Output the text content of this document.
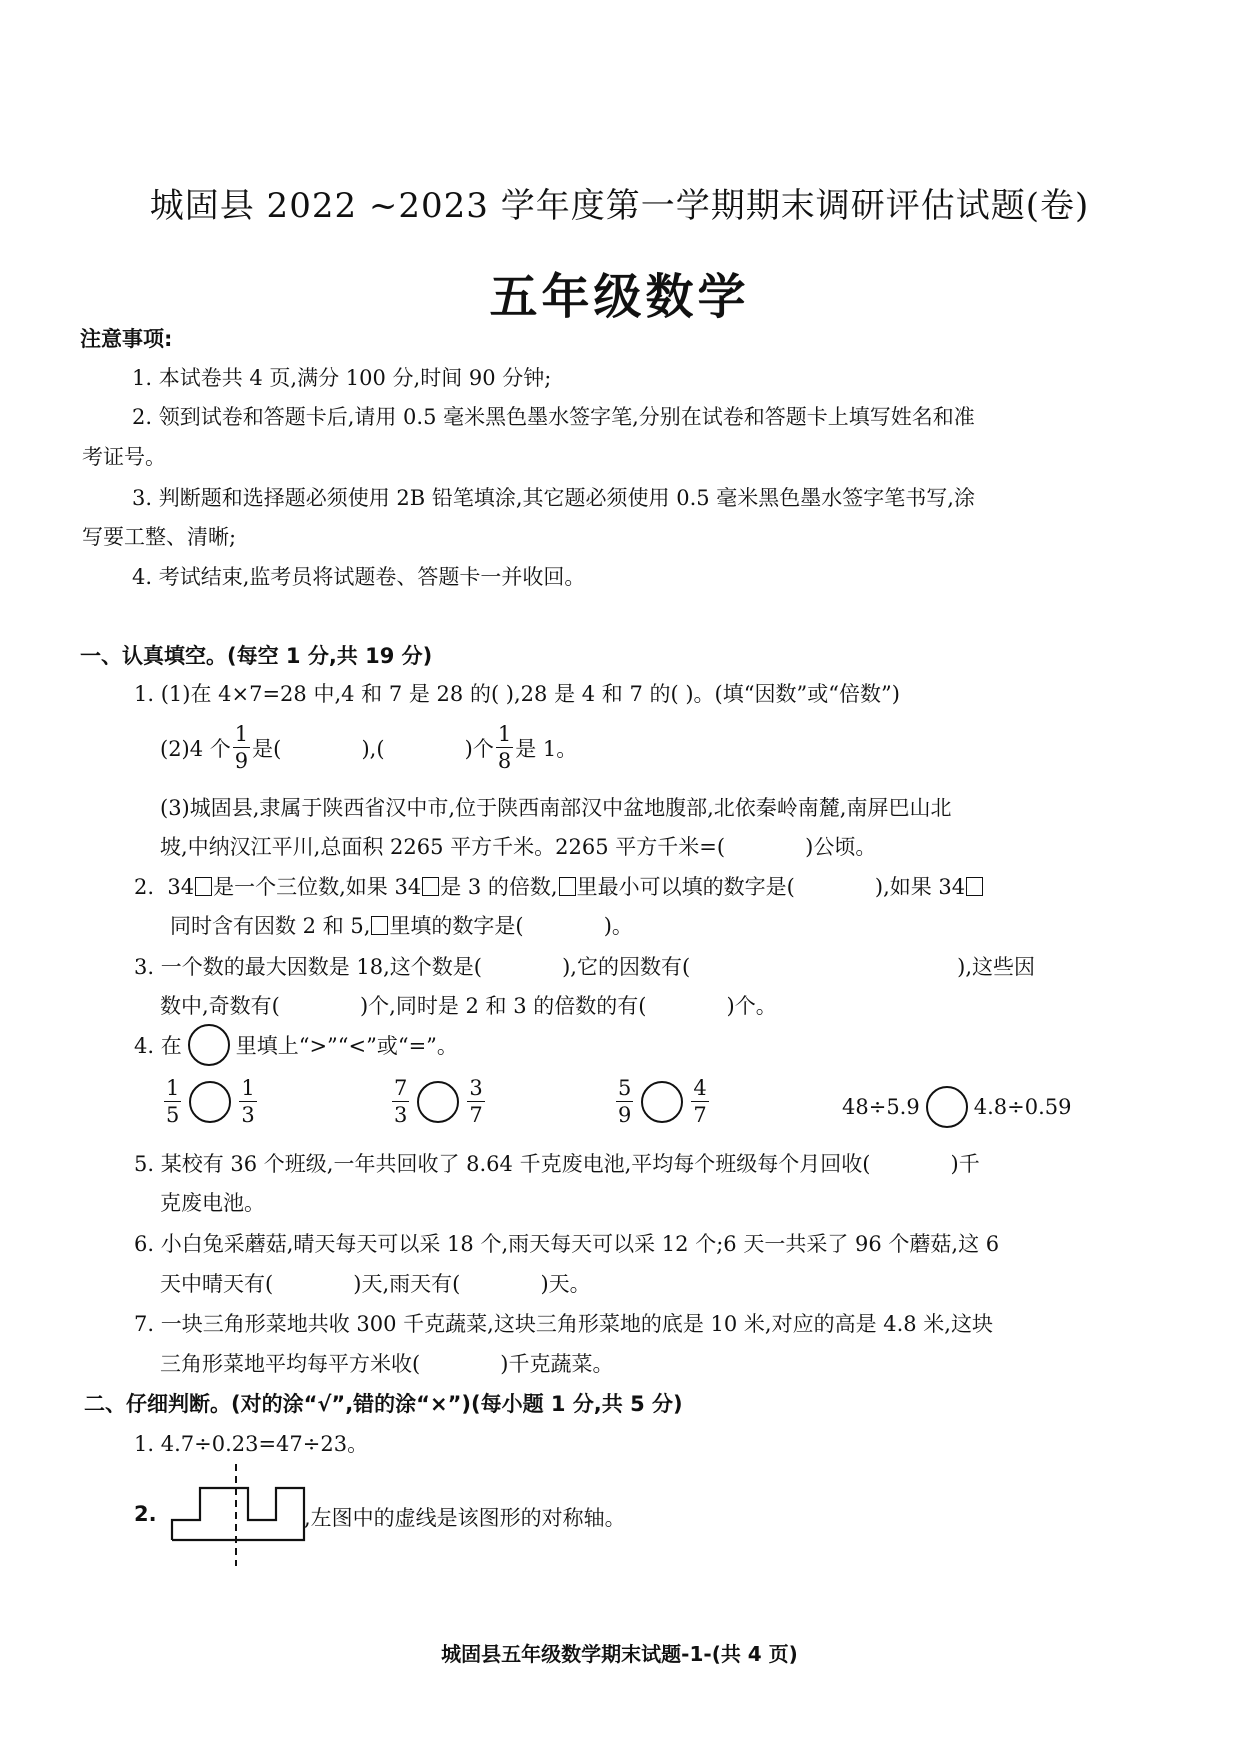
城固县 2022 ~2023 学年度第一学期期末调研评估试题(卷)
五年级数学
注意事项:
1. 本试卷共 4 页,满分 100 分,时间 90 分钟;
2. 领到试卷和答题卡后,请用 0.5 毫米黑色墨水签字笔,分别在试卷和答题卡上填写姓名和准
考证号。
3. 判断题和选择题必须使用 2B 铅笔填涂,其它题必须使用 0.5 毫米黑色墨水签字笔书写,涂
写要工整、清晰;
4. 考试结束,监考员将试题卷、答题卡一并收回。
一、认真填空。(每空 1 分,共 19 分)
1. (1)在 4×7=28 中,4 和 7 是 28 的( ),28 是 4 和 7 的( )。(填“因数”或“倍数”)
(2)4 个 $\frac{1}{9}$ 是(            ),(            )个 $\frac{1}{8}$ 是 1。
(3)城固县,隶属于陕西省汉中市,位于陕西南部汉中盆地腹部,北依秦岭南麓,南屏巴山北
坡,中纳汉江平川,总面积 2265 平方千米。2265 平方千米=(            )公顷。
2.  34 是一个三位数,如果 34 是 3 的倍数, 里最小可以填的数字是(            ),如果 34
同时含有因数 2 和 5, 里填的数字是(            )。
3. 一个数的最大因数是 18,这个数是(            ),它的因数有(                                        ),这些因
数中,奇数有(            )个,同时是 2 和 3 的倍数的有(            )个。
4. 在	里填上“>”“<”或“=”。
$\frac{1}{5}$	$\frac{1}{3}$	$\frac{7}{3}$	$\frac{3}{7}$	$\frac{5}{9}$	$\frac{4}{7}$	48÷5.9	4.8÷0.59
5. 某校有 36 个班级,一年共回收了 8.64 千克废电池,平均每个班级每个月回收(            )千
克废电池。
6. 小白兔采蘑菇,晴天每天可以采 18 个,雨天每天可以采 12 个;6 天一共采了 96 个蘑菇,这 6
天中晴天有(            )天,雨天有(            )天。
7. 一块三角形菜地共收 300 千克蔬菜,这块三角形菜地的底是 10 米,对应的高是 4.8 米,这块
三角形菜地平均每平方米收(            )千克蔬菜。
二、仔细判断。(对的涂“√”,错的涂“×”)(每小题 1 分,共 5 分)
1. 4.7÷0.23=47÷23。
2.	,左图中的虚线是该图形的对称轴。
城固县五年级数学期末试题-1-(共 4 页)
